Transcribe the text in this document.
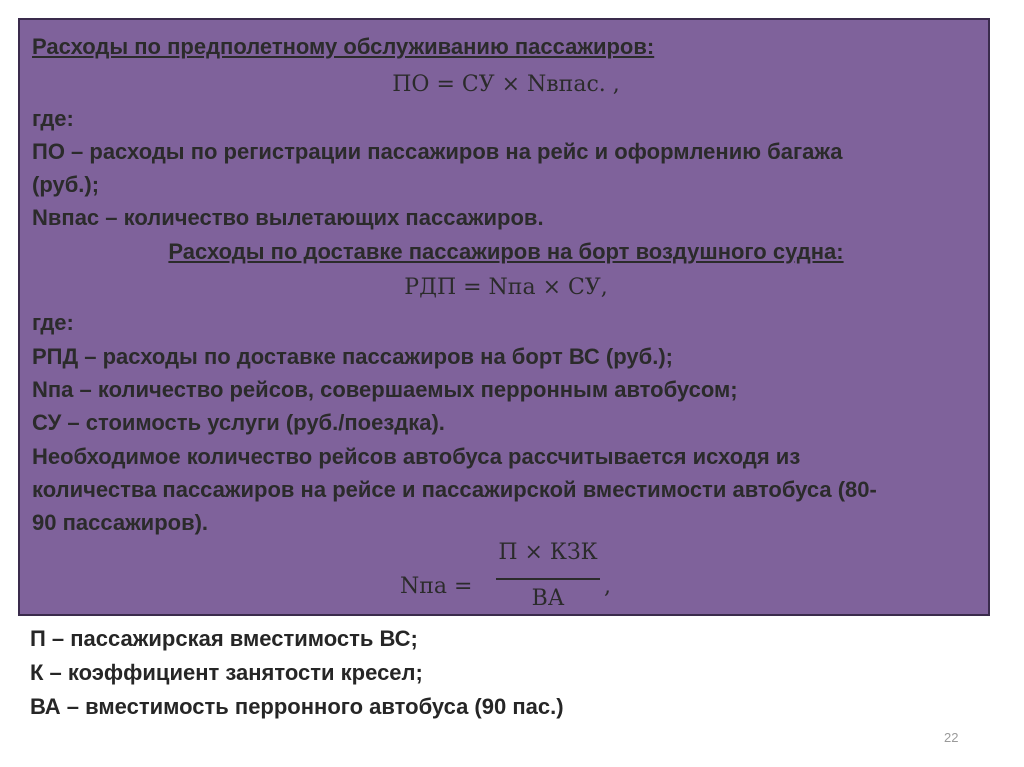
Расходы по предполетному обслуживанию пассажиров:
ПО = СУ × Nвпас. ,
где:
ПО – расходы по регистрации пассажиров на рейс и оформлению багажа
(руб.);
Nвпас – количество вылетающих пассажиров.
Расходы по доставке пассажиров на борт воздушного судна:
РДП = Nпа × СУ,
где:
РПД – расходы по доставке пассажиров на борт ВС (руб.);
Nпа – количество рейсов, совершаемых перронным автобусом;
СУ – стоимость услуги (руб./поездка).
Необходимое количество рейсов автобуса рассчитывается исходя из
количества пассажиров на рейсе и пассажирской вместимости автобуса (80-
90 пассажиров).
Nпа =
П × КЗК
ВА	,
П – пассажирская вместимость ВС;
К – коэффициент занятости кресел;
ВА – вместимость перронного автобуса (90 пас.)
22
